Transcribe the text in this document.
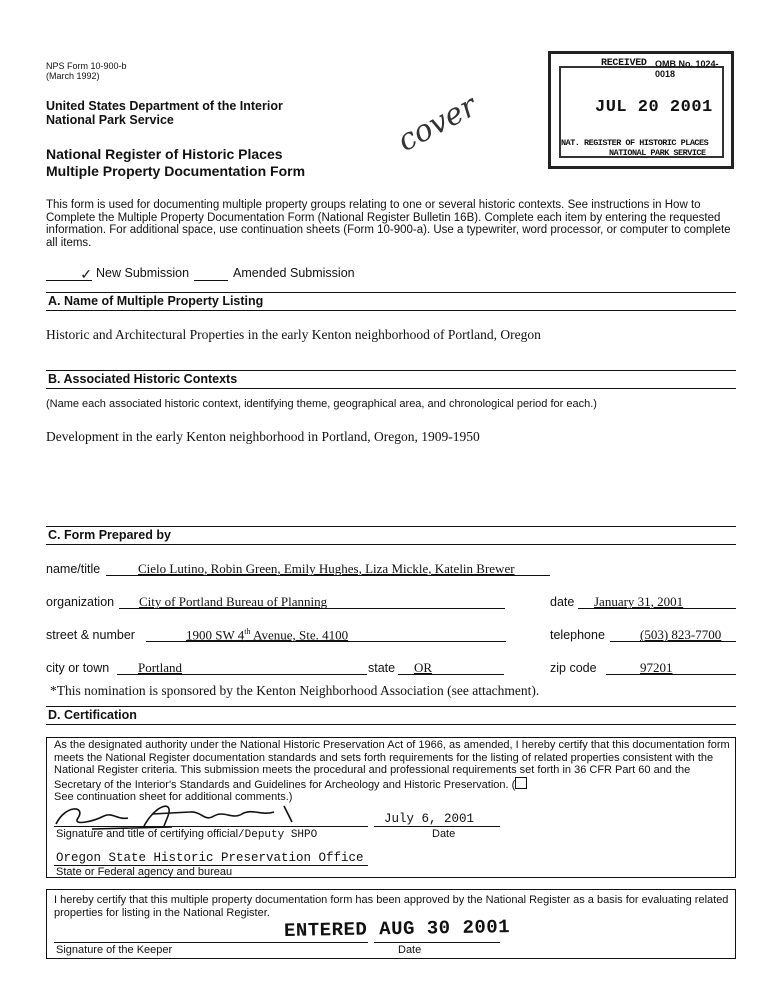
NPS Form 10-900-b
(March 1992)
United States Department of the Interior
National Park Service
National Register of Historic Places
Multiple Property Documentation Form
cover
RECEIVED OMB No. 1024-0018
JUL 20 2001
NAT. REGISTER OF HISTORIC PLACES
NATIONAL PARK SERVICE
This form is used for documenting multiple property groups relating to one or several historic contexts. See instructions in How to Complete the Multiple Property Documentation Form (National Register Bulletin 16B). Complete each item by entering the requested information. For additional space, use continuation sheets (Form 10-900-a). Use a typewriter, word processor, or computer to complete all items.
✓ New Submission	Amended Submission
A. Name of Multiple Property Listing
Historic and Architectural Properties in the early Kenton neighborhood of Portland, Oregon
B. Associated Historic Contexts
(Name each associated historic context, identifying theme, geographical area, and chronological period for each.)
Development in the early Kenton neighborhood in Portland, Oregon, 1909-1950
C. Form Prepared by
name/title	Cielo Lutino, Robin Green, Emily Hughes, Liza Mickle, Katelin Brewer
organization City of Portland Bureau of Planning	date January 31, 2001
street & number	1900 SW 4th Avenue, Ste. 4100	telephone	(503) 823-7700
city or town Portland	state OR	zip code	97201
*This nomination is sponsored by the Kenton Neighborhood Association (see attachment).
D. Certification
As the designated authority under the National Historic Preservation Act of 1966, as amended, I hereby certify that this documentation form meets the National Register documentation standards and sets forth requirements for the listing of related properties consistent with the National Register criteria. This submission meets the procedural and professional requirements set forth in 36 CFR Part 60 and the Secretary of the Interior's Standards and Guidelines for Archeology and Historic Preservation. (
See continuation sheet for additional comments.)
Signature and title of certifying official/Deputy SHPO
July 6, 2001
Date
Oregon State Historic Preservation Office
State or Federal agency and bureau
I hereby certify that this multiple property documentation form has been approved by the National Register as a basis for evaluating related properties for listing in the National Register.
ENTERED AUG 30 2001
Signature of the Keeper	Date
